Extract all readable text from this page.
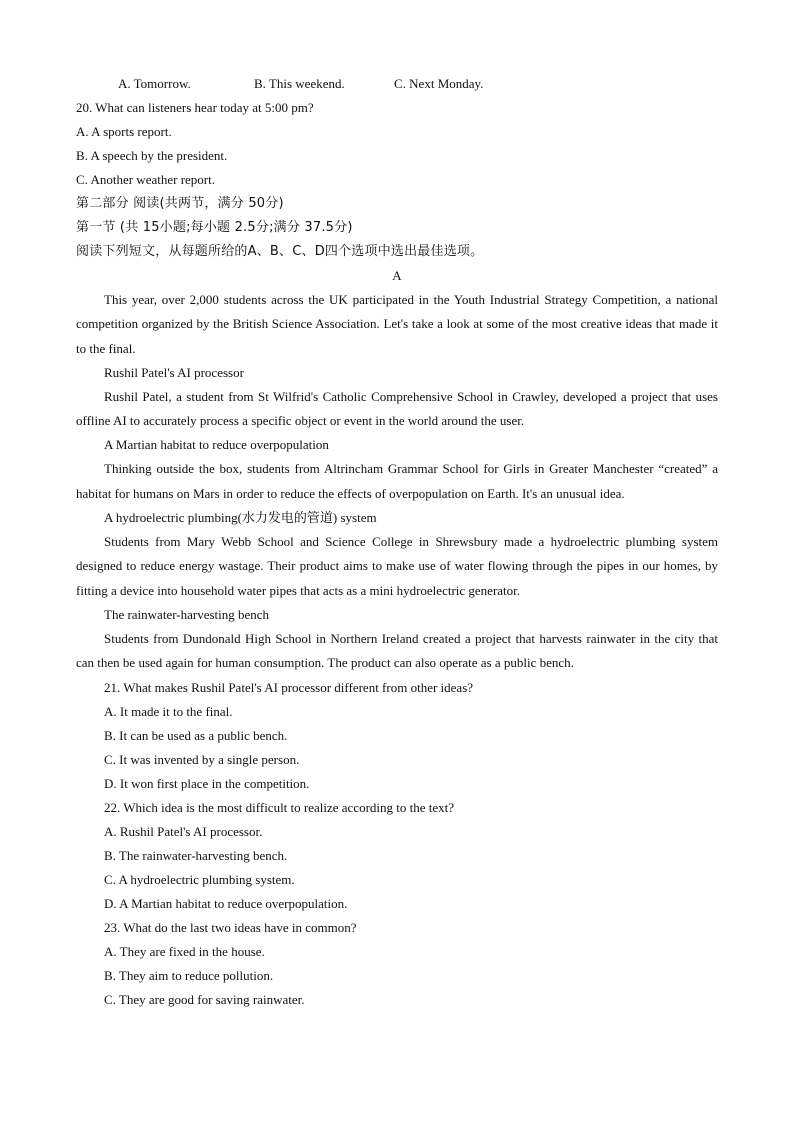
A. Tomorrow.	B. This weekend.	C. Next Monday.
20. What can listeners hear today at 5:00 pm?
A. A sports report.
B. A speech by the president.
C. Another weather report.
第二部分 阅读(共两节，满分 50分)
第一节 (共 15小题;每小题 2.5分;满分 37.5分)
阅读下列短文，从每题所给的A、B、C、D四个选项中选出最佳选项。
A

This year, over 2,000 students across the UK participated in the Youth Industrial Strategy Competition, a national competition organized by the British Science Association. Let's take a look at some of the most creative ideas that made it to the final.

Rushil Patel's AI processor

Rushil Patel, a student from St Wilfrid's Catholic Comprehensive School in Crawley, developed a project that uses offline AI to accurately process a specific object or event in the world around the user.

A Martian habitat to reduce overpopulation

Thinking outside the box, students from Altrincham Grammar School for Girls in Greater Manchester “created” a habitat for humans on Mars in order to reduce the effects of overpopulation on Earth. It's an unusual idea.

A hydroelectric plumbing(水力发电的管道) system

Students from Mary Webb School and Science College in Shrewsbury made a hydroelectric plumbing system designed to reduce energy wastage. Their product aims to make use of water flowing through the pipes in our homes, by fitting a device into household water pipes that acts as a mini hydroelectric generator.

The rainwater-harvesting bench

Students from Dundonald High School in Northern Ireland created a project that harvests rainwater in the city that can then be used again for human consumption. The product can also operate as a public bench.

21. What makes Rushil Patel's AI processor different from other ideas?
A. It made it to the final.
B. It can be used as a public bench.
C. It was invented by a single person.
D. It won first place in the competition.
22. Which idea is the most difficult to realize according to the text?
A. Rushil Patel's AI processor.
B. The rainwater-harvesting bench.
C. A hydroelectric plumbing system.
D. A Martian habitat to reduce overpopulation.
23. What do the last two ideas have in common?
A. They are fixed in the house.
B. They aim to reduce pollution.
C. They are good for saving rainwater.
